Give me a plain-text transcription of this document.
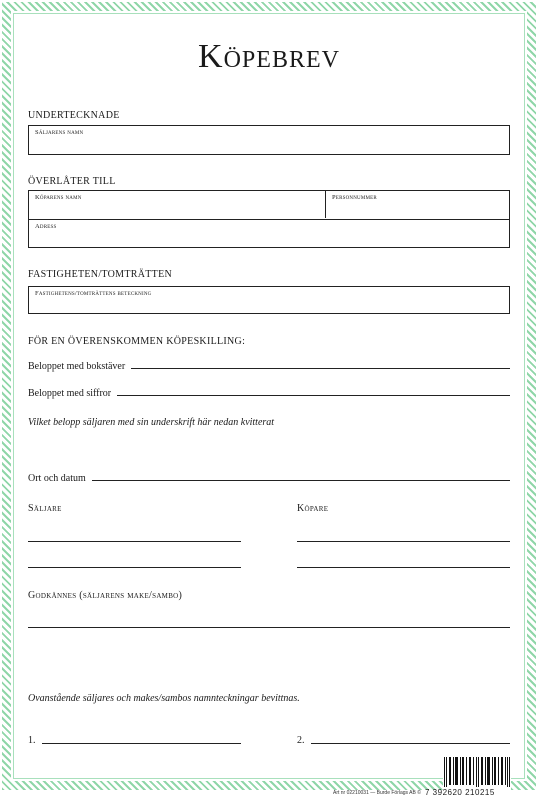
Köpebrev
UNDERTECKNADE
Säljarens namn
ÖVERLÅTER TILL
Köparens namn	personnummer
Adress
FASTIGHETEN/TOMTRÄTTEN
Fastighetens/tomträttens beteckning
FÖR EN ÖVERENSKOMMEN KÖPESKILLING:
Beloppet med bokstäver
Beloppet med siffror
Vilket belopp säljaren med sin underskrift här nedan kvitterat
Ort och datum
Säljare	Köpare
Godkännes (säljarens make/sambo)
Ovanstående säljares och makes/sambos namnteckningar bevittnas.
1.	2.
Art nr 02210031 — Burde Förlags AB © 7 392620 210215
